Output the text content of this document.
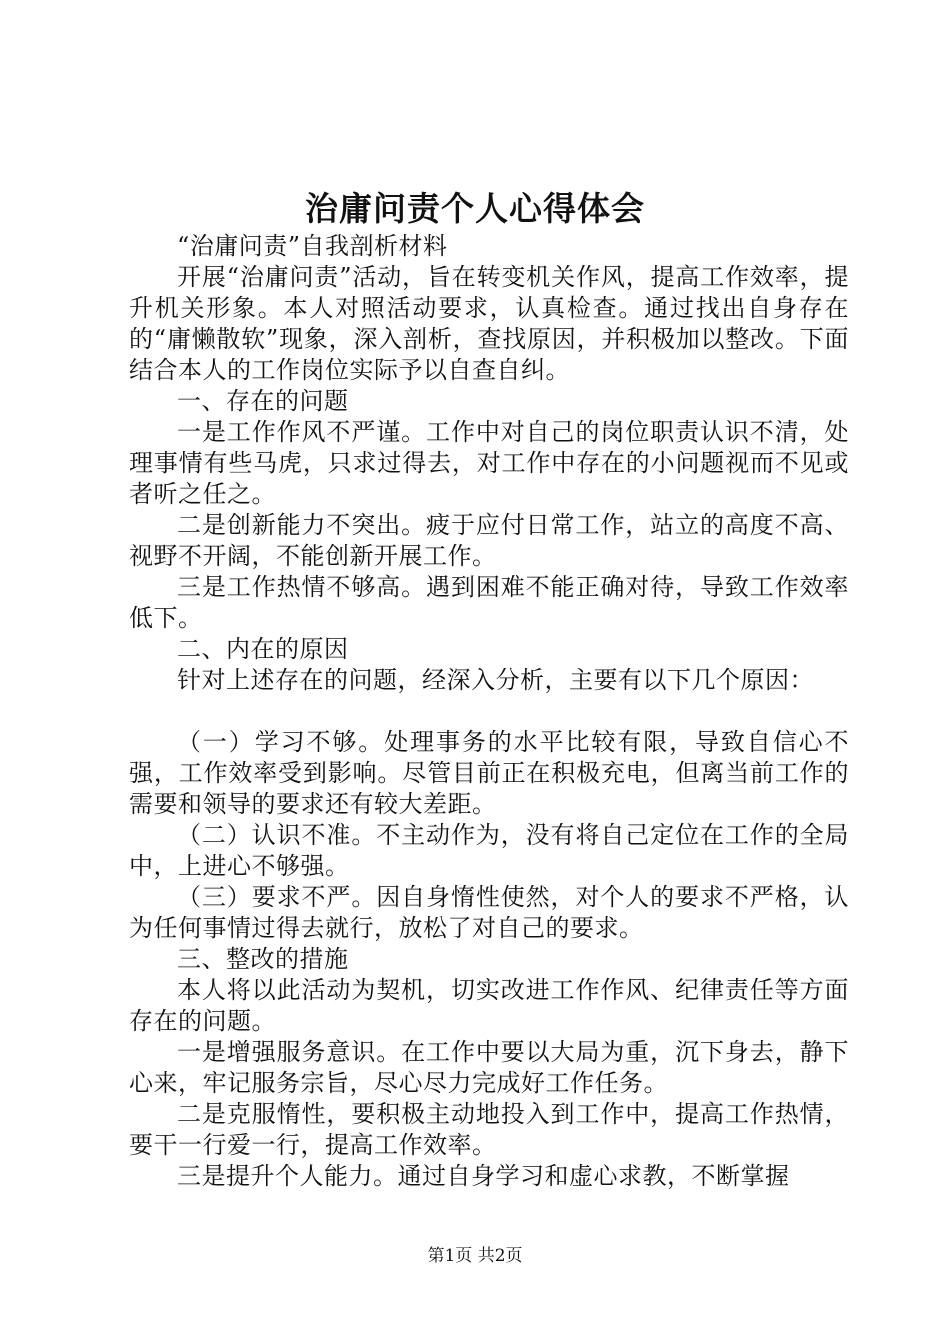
治庸问责个人心得体会

“治庸问责”自我剖析材料

开展“治庸问责”活动，旨在转变机关作风，提高工作效率，提升机关形象。本人对照活动要求，认真检查。通过找出自身存在的“庸懒散软”现象，深入剖析，查找原因，并积极加以整改。下面结合本人的工作岗位实际予以自查自纠。

一、存在的问题

一是工作作风不严谨。工作中对自己的岗位职责认识不清，处理事情有些马虎，只求过得去，对工作中存在的小问题视而不见或者听之任之。

二是创新能力不突出。疲于应付日常工作，站立的高度不高、视野不开阔，不能创新开展工作。

三是工作热情不够高。遇到困难不能正确对待，导致工作效率低下。

二、内在的原因

针对上述存在的问题，经深入分析，主要有以下几个原因：

（一）学习不够。处理事务的水平比较有限，导致自信心不强，工作效率受到影响。尽管目前正在积极充电，但离当前工作的需要和领导的要求还有较大差距。

（二）认识不准。不主动作为，没有将自己定位在工作的全局中，上进心不够强。

（三）要求不严。因自身惰性使然，对个人的要求不严格，认为任何事情过得去就行，放松了对自己的要求。

三、整改的措施

本人将以此活动为契机，切实改进工作作风、纪律责任等方面存在的问题。

一是增强服务意识。在工作中要以大局为重，沉下身去，静下心来，牢记服务宗旨，尽心尽力完成好工作任务。

二是克服惰性，要积极主动地投入到工作中，提高工作热情，要干一行爱一行，提高工作效率。

三是提升个人能力。通过自身学习和虚心求教，不断掌握

第1页 共2页
